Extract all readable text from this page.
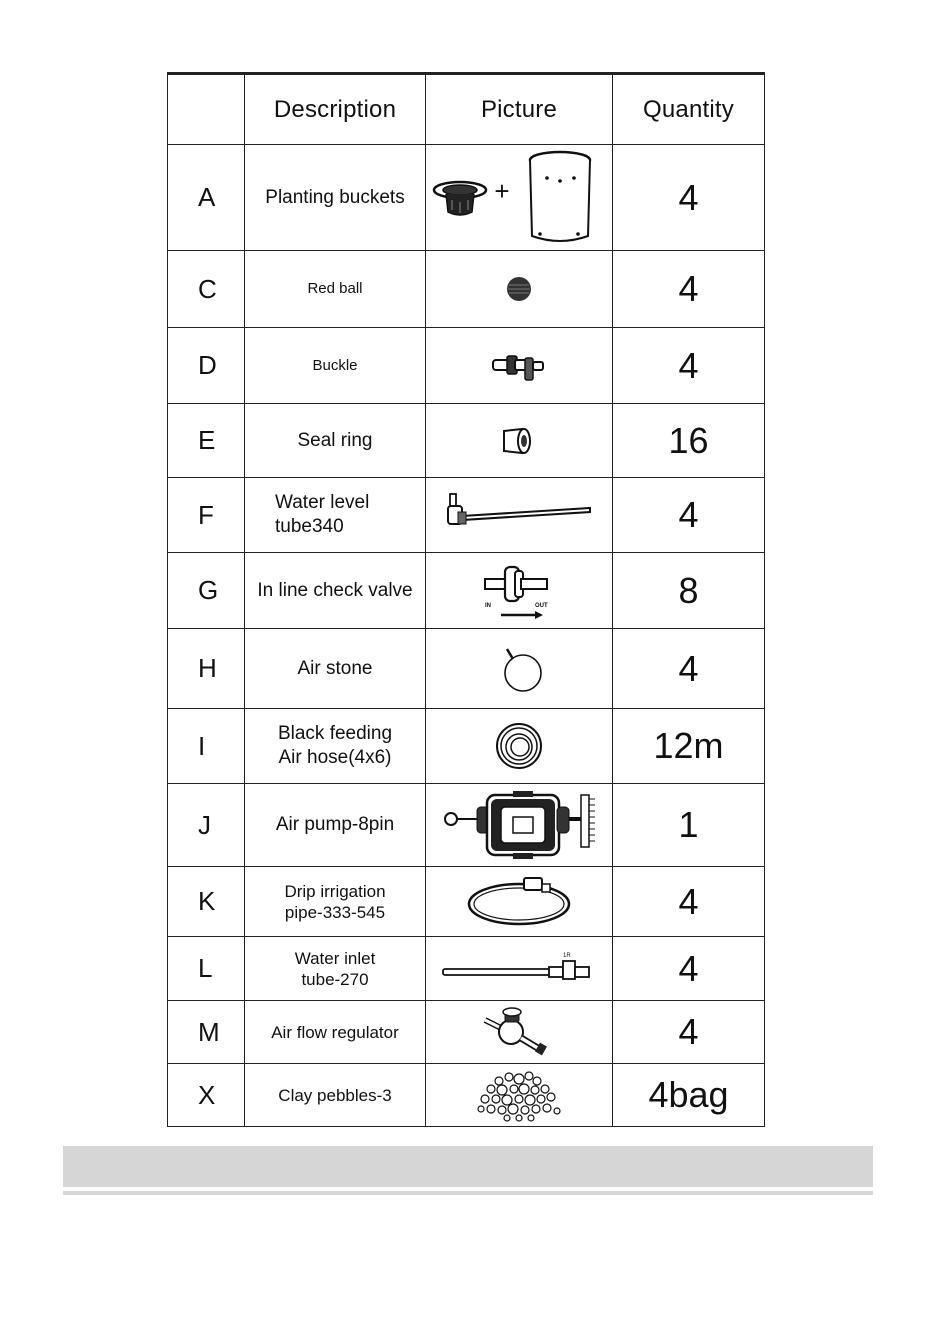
	Description	Picture	Quantity
A	Planting buckets	+	4
C	Red ball		4
D	Buckle		4
E	Seal ring		16
F	Water level
tube340		4
G	In line check valve	IN OUT	8
H	Air stone		4
I	Black feeding
Air hose(4x6)		12m
J	Air pump-8pin		1
K	Drip irrigation
pipe-333-545		4
L	Water inlet
tube-270	1R	4
M	Air flow regulator		4
X	Clay pebbles-3		4bag
